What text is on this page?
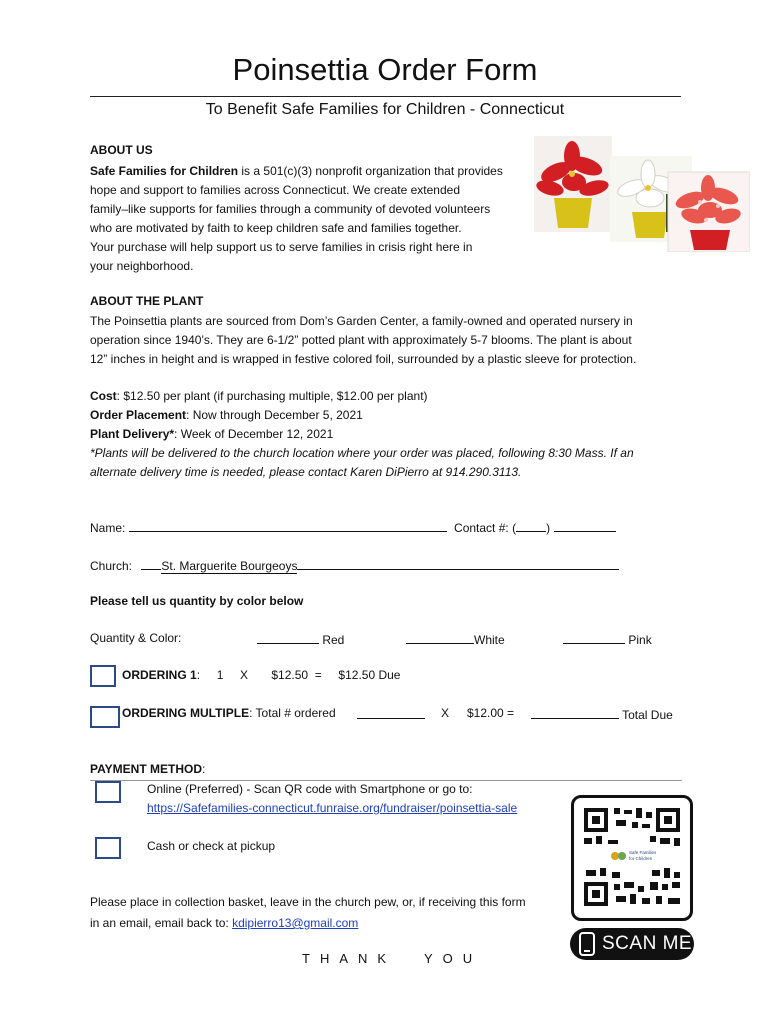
Poinsettia Order Form
To Benefit Safe Families for Children - Connecticut
ABOUT US
Safe Families for Children is a 501(c)(3) nonprofit organization that provides
hope and support to families across Connecticut. We create extended
family–like supports for families through a community of devoted volunteers
who are motivated by faith to keep children safe and families together.
Your purchase will help support us to serve families in crisis right here in
your neighborhood.
ABOUT THE PLANT
The Poinsettia plants are sourced from Dom’s Garden Center, a family-owned and operated nursery in
operation since 1940’s. They are 6-1/2” potted plant with approximately 5-7 blooms. The plant is about
12” inches in height and is wrapped in festive colored foil, surrounded by a plastic sleeve for protection.
Cost: $12.50 per plant (if purchasing multiple, $12.00 per plant)
Order Placement: Now through December 5, 2021
Plant Delivery*: Week of December 12, 2021
*Plants will be delivered to the church location where your order was placed, following 8:30 Mass. If an
alternate delivery time is needed, please contact Karen DiPierro at 914.290.3113.
Name:	Contact #: (	)
Church: St. Marguerite Bourgeoys
Please tell us quantity by color below
Quantity & Color:	Red	White	Pink
ORDERING 1:     1     X       $12.50  =     $12.50 Due
ORDERING MULTIPLE: Total # ordered	X $12.00 =	Total Due
PAYMENT METHOD:
Online (Preferred) - Scan QR code with Smartphone or go to:
https://Safefamilies-connecticut.funraise.org/fundraiser/poinsettia-sale
Cash or check at pickup	Safe Families
for Children
SCAN ME
Please place in collection basket, leave in the church pew, or, if receiving this form
in an email, email back to: kdipierro13@gmail.com
THANK YOU
